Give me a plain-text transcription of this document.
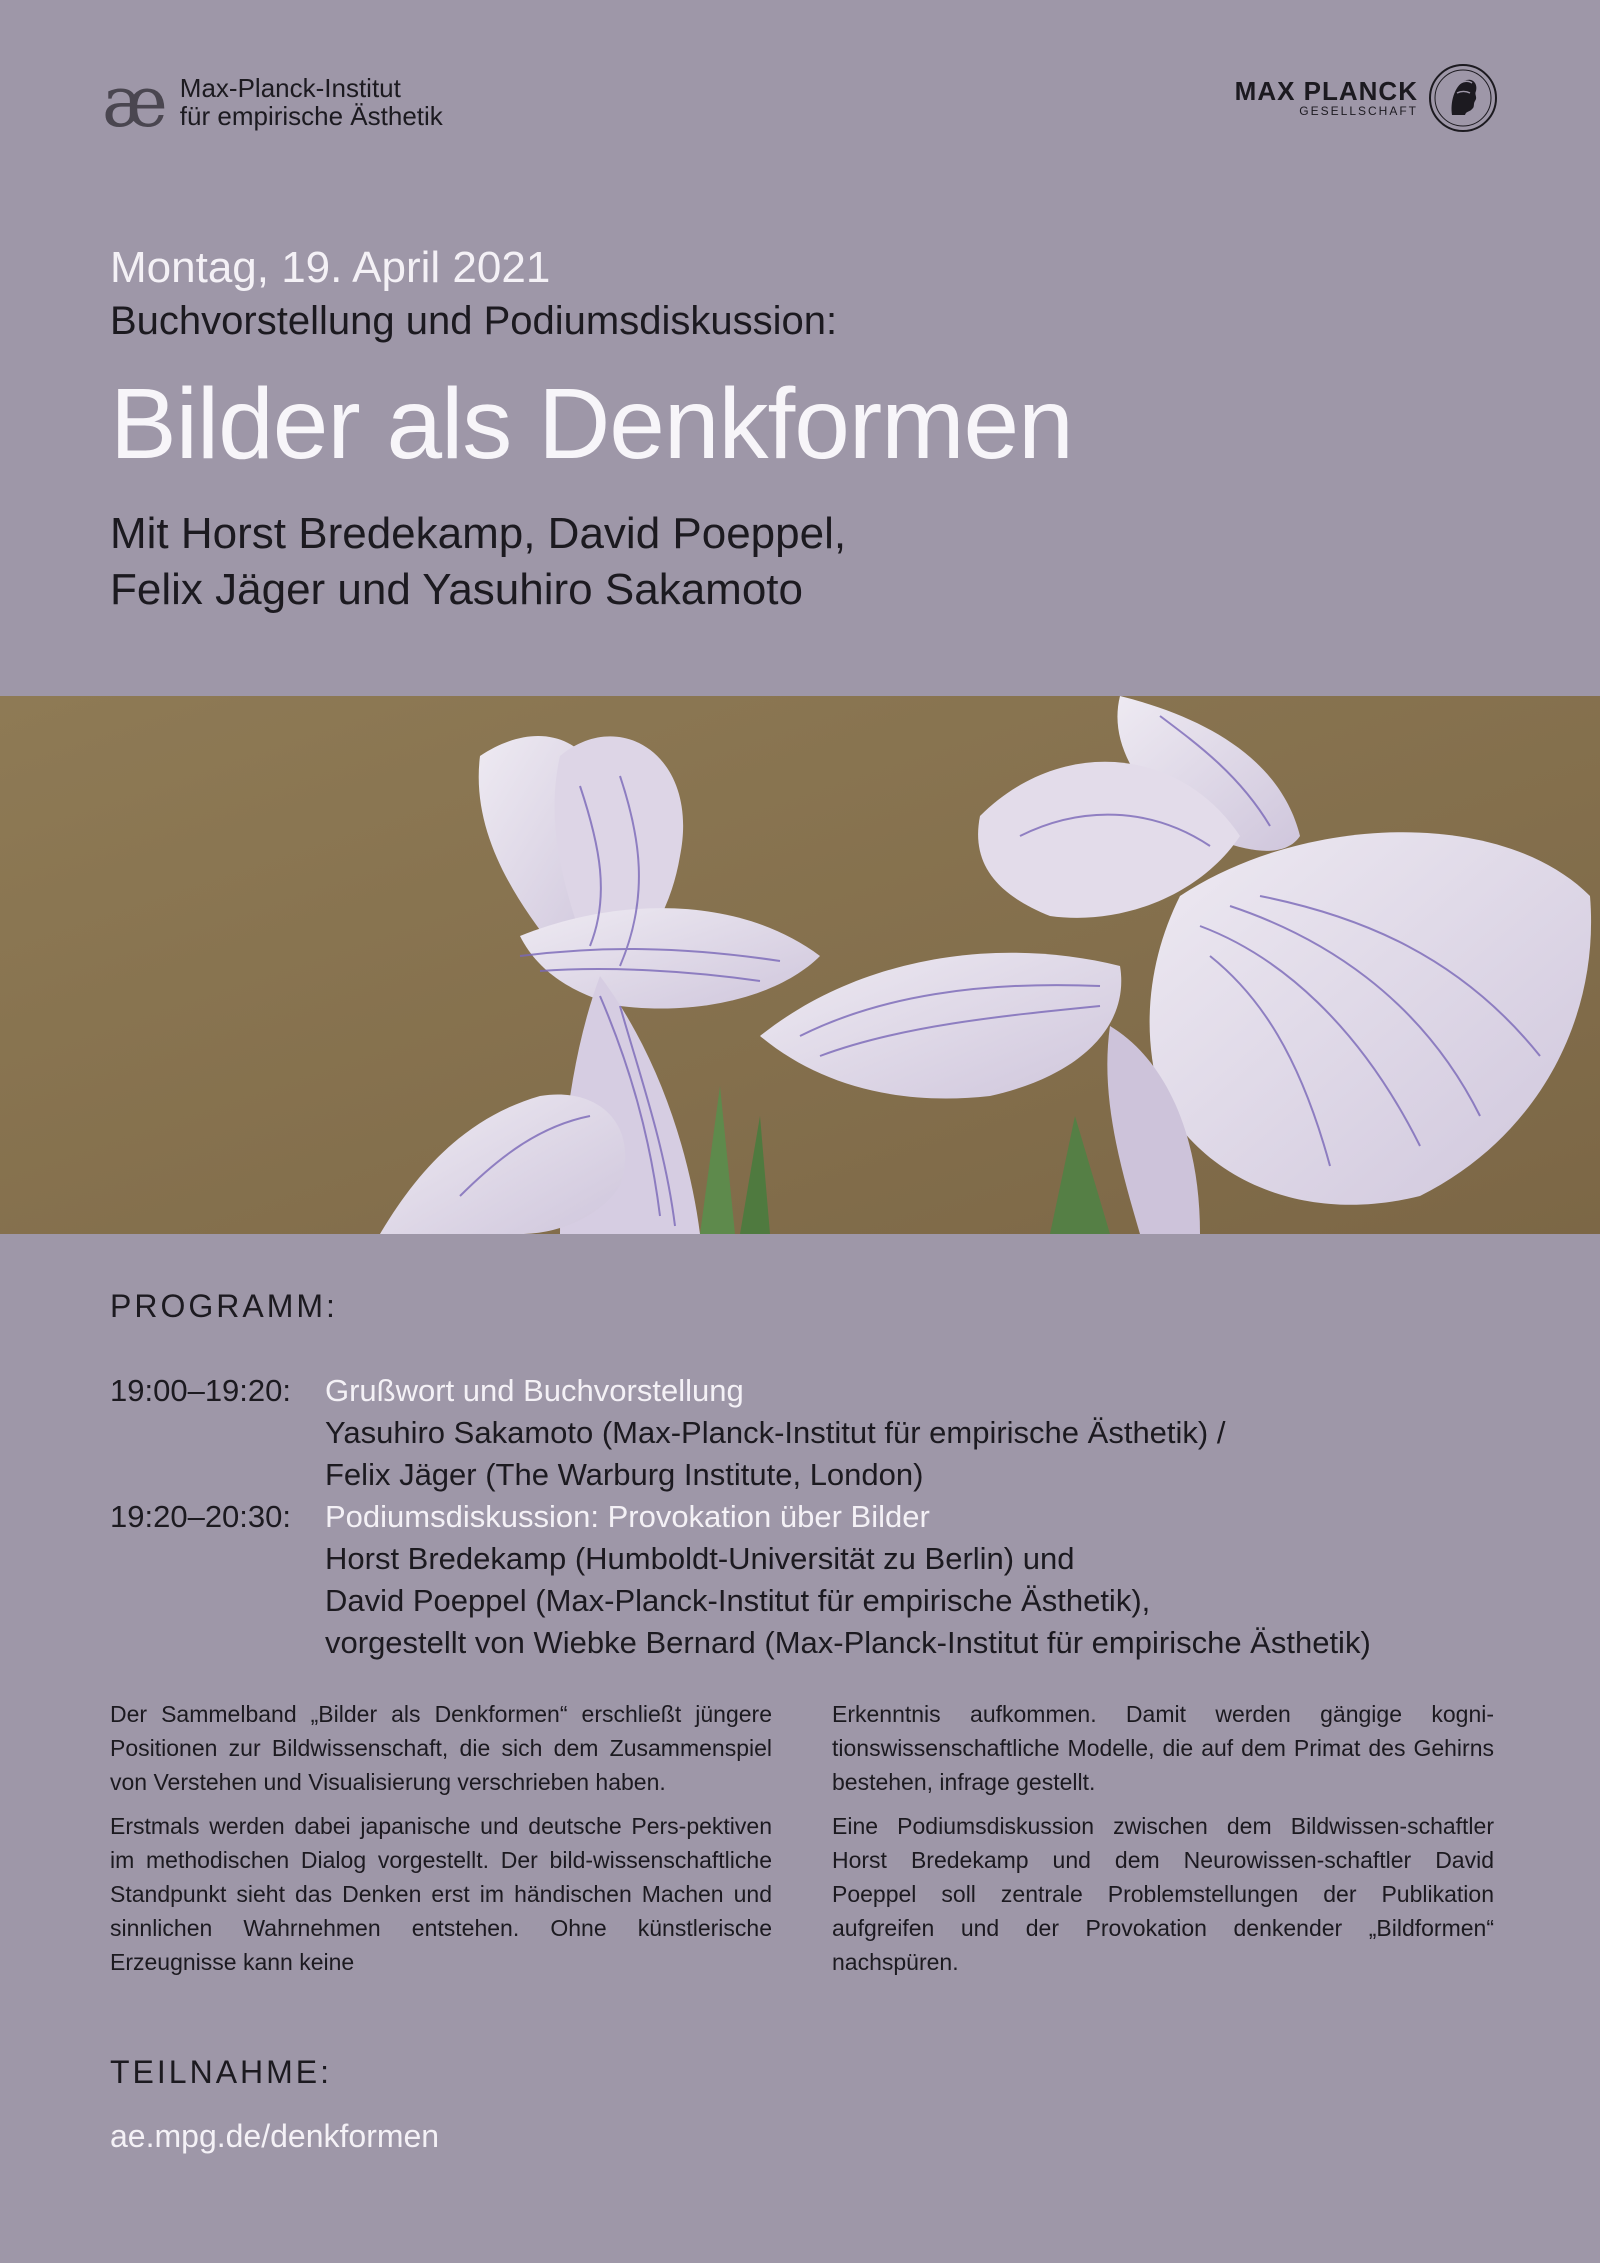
æ Max-Planck-Institut
für empirische Ästhetik
MAX PLANCK
GESELLSCHAFT
Montag, 19. April 2021
Buchvorstellung und Podiumsdiskussion:
Bilder als Denkformen
Mit Horst Bredekamp, David Poeppel,
Felix Jäger und Yasuhiro Sakamoto
PROGRAMM:
19:00–19:20:	Grußwort und Buchvorstellung
Yasuhiro Sakamoto (Max-Planck-Institut für empirische Ästhetik) /
Felix Jäger (The Warburg Institute, London)
19:20–20:30:	Podiumsdiskussion: Provokation über Bilder
Horst Bredekamp (Humboldt-Universität zu Berlin) und
David Poeppel (Max-Planck-Institut für empirische Ästhetik),
vorgestellt von Wiebke Bernard (Max-Planck-Institut für empirische Ästhetik)

Der Sammelband „Bilder als Denkformen“ erschließt jüngere Positionen zur Bildwissenschaft, die sich dem Zusammenspiel von Verstehen und Visualisierung verschrieben haben.

Erstmals werden dabei japanische und deutsche Pers-pektiven im methodischen Dialog vorgestellt. Der bild-wissenschaftliche Standpunkt sieht das Denken erst im händischen Machen und sinnlichen Wahrnehmen entstehen. Ohne künstlerische Erzeugnisse kann keine

Erkenntnis aufkommen. Damit werden gängige kogni-tionswissenschaftliche Modelle, die auf dem Primat des Gehirns bestehen, infrage gestellt.

Eine Podiumsdiskussion zwischen dem Bildwissen-schaftler Horst Bredekamp und dem Neurowissen-schaftler David Poeppel soll zentrale Problemstellungen der Publikation aufgreifen und der Provokation denkender „Bildformen“ nachspüren.

TEILNAHME:
ae.mpg.de/denkformen
